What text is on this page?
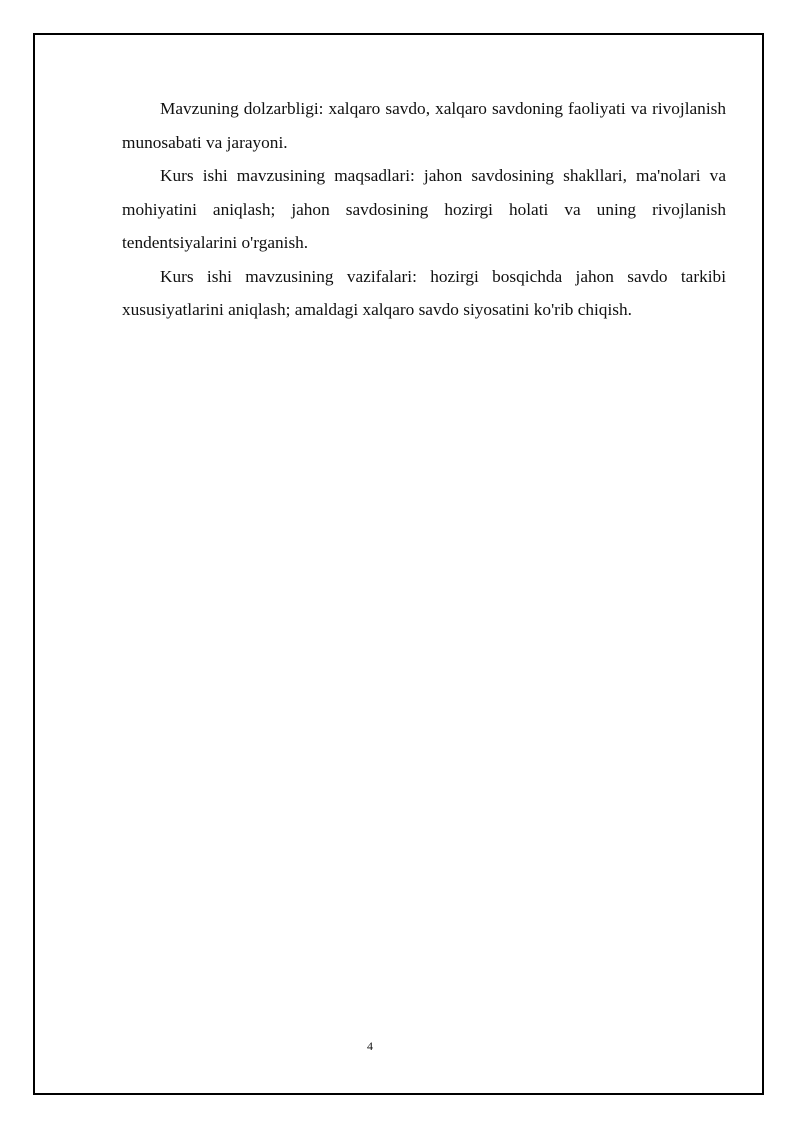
Mavzuning dolzarbligi: xalqaro savdo, xalqaro savdoning faoliyati va rivojlanish munosabati va jarayoni.

Kurs ishi mavzusining maqsadlari: jahon savdosining shakllari, ma'nolari va mohiyatini aniqlash; jahon savdosining hozirgi holati va uning rivojlanish tendentsiyalarini o'rganish.

Kurs ishi mavzusining vazifalari: hozirgi bosqichda jahon savdo tarkibi xususiyatlarini aniqlash; amaldagi xalqaro savdo siyosatini ko'rib chiqish.

4
